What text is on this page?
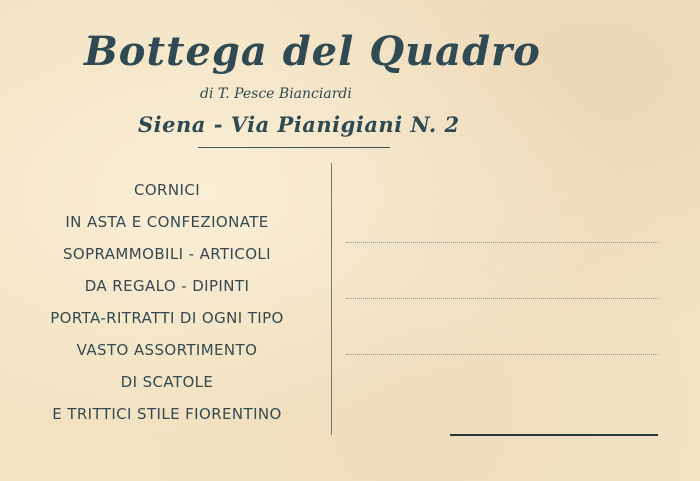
Bottega del Quadro
di T. Pesce Bianciardi
Siena - Via Pianigiani N. 2
CORNICI
IN ASTA E CONFEZIONATE
SOPRAMMOBILI - ARTICOLI
DA REGALO - DIPINTI
PORTA-RITRATTI DI OGNI TIPO
VASTO ASSORTIMENTO
DI SCATOLE
E TRITTICI STILE FIORENTINO
